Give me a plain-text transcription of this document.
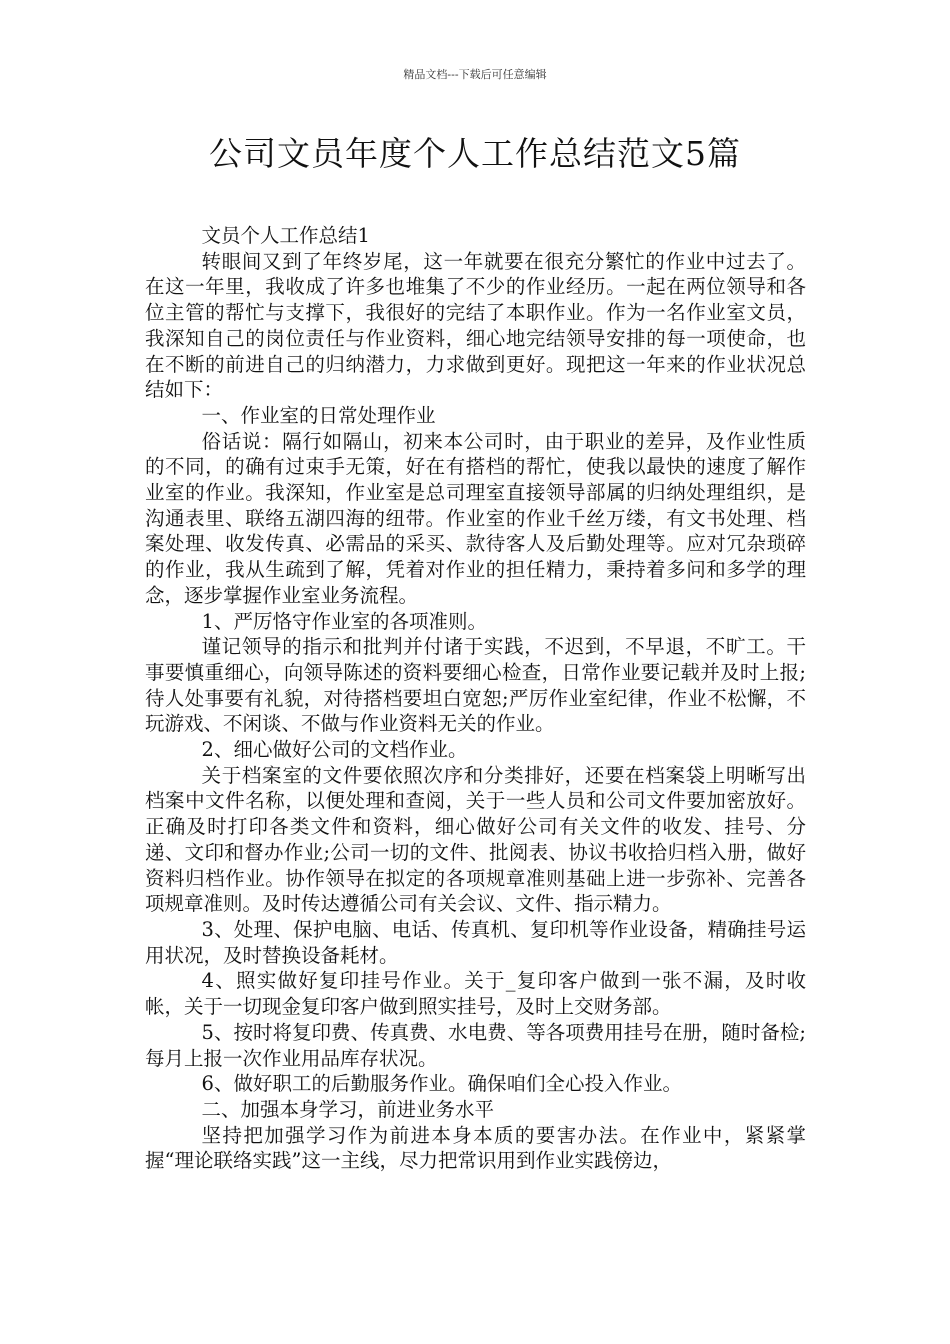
精品文档---下载后可任意编辑
公司文员年度个人工作总结范文5篇

文员个人工作总结1

转眼间又到了年终岁尾，这一年就要在很充分繁忙的作业中过去了。在这一年里，我收成了许多也堆集了不少的作业经历。一起在两位领导和各位主管的帮忙与支撑下，我很好的完结了本职作业。作为一名作业室文员，我深知自己的岗位责任与作业资料，细心地完结领导安排的每一项使命，也在不断的前进自己的归纳潜力，力求做到更好。现把这一年来的作业状况总结如下：

一、作业室的日常处理作业

俗话说：隔行如隔山，初来本公司时，由于职业的差异，及作业性质的不同，的确有过束手无策，好在有搭档的帮忙，使我以最快的速度了解作业室的作业。我深知，作业室是总司理室直接领导部属的归纳处理组织，是沟通表里、联络五湖四海的纽带。作业室的作业千丝万缕，有文书处理、档案处理、收发传真、必需品的采买、款待客人及后勤处理等。应对冗杂琐碎的作业，我从生疏到了解，凭着对作业的担任精力，秉持着多问和多学的理念，逐步掌握作业室业务流程。

1、严厉恪守作业室的各项准则。

谨记领导的指示和批判并付诸于实践，不迟到，不早退，不旷工。干事要慎重细心，向领导陈述的资料要细心检查，日常作业要记载并及时上报;待人处事要有礼貌，对待搭档要坦白宽恕;严厉作业室纪律，作业不松懈，不玩游戏、不闲谈、不做与作业资料无关的作业。

2、细心做好公司的文档作业。

关于档案室的文件要依照次序和分类排好，还要在档案袋上明晰写出档案中文件名称，以便处理和查阅，关于一些人员和公司文件要加密放好。正确及时打印各类文件和资料，细心做好公司有关文件的收发、挂号、分递、文印和督办作业;公司一切的文件、批阅表、协议书收拾归档入册，做好资料归档作业。协作领导在拟定的各项规章准则基础上进一步弥补、完善各项规章准则。及时传达遵循公司有关会议、文件、指示精力。

3、处理、保护电脑、电话、传真机、复印机等作业设备，精确挂号运用状况，及时替换设备耗材。

4、照实做好复印挂号作业。关于_复印客户做到一张不漏，及时收帐，关于一切现金复印客户做到照实挂号，及时上交财务部。

5、按时将复印费、传真费、水电费、等各项费用挂号在册，随时备检;每月上报一次作业用品库存状况。

6、做好职工的后勤服务作业。确保咱们全心投入作业。

二、加强本身学习，前进业务水平

坚持把加强学习作为前进本身本质的要害办法。在作业中，紧紧掌握“理论联络实践”这一主线，尽力把常识用到作业实践傍边，
